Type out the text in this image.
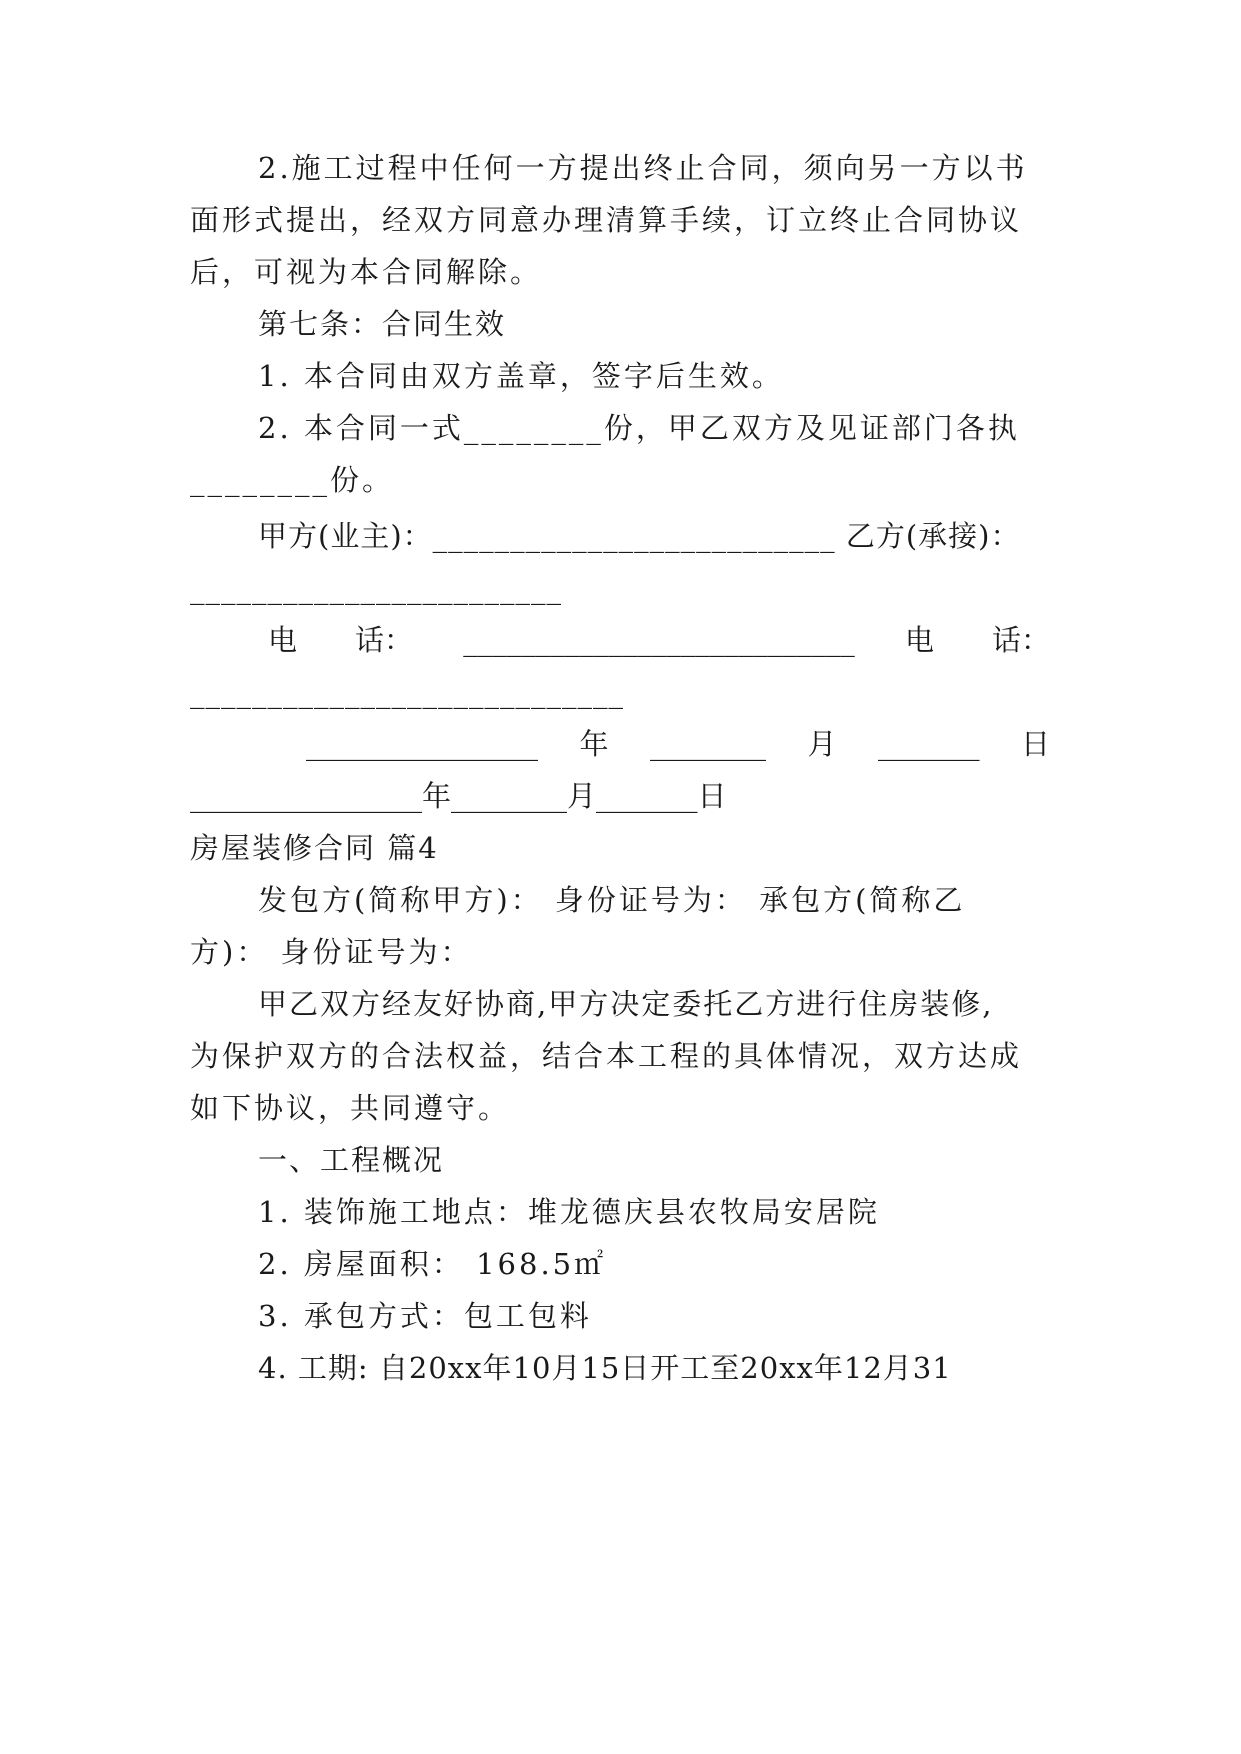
2.施工过程中任何一方提出终止合同，须向另一方以书
面形式提出，经双方同意办理清算手续，订立终止合同协议
后，可视为本合同解除。
第七条：合同生效
1. 本合同由双方盖章，签字后生效。
2. 本合同一式________份，甲乙双方及见证部门各执
________份。
甲方(业主)：__________________________ 乙方(承接)：
________________________
电　　话： ___________________________ 电　　话：
____________________________
________________ 年 ________ 月 _______ 日
________________年________月_______日
房屋装修合同 篇4
发包方(简称甲方)： 身份证号为： 承包方(简称乙
方)： 身份证号为：
甲乙双方经友好协商,甲方决定委托乙方进行住房装修,
为保护双方的合法权益，结合本工程的具体情况，双方达成
如下协议，共同遵守。
一、工程概况
1. 装饰施工地点：堆龙德庆县农牧局安居院
2. 房屋面积： 168.5㎡
3. 承包方式：包工包料
4. 工期: 自20xx年10月15日开工至20xx年12月31
